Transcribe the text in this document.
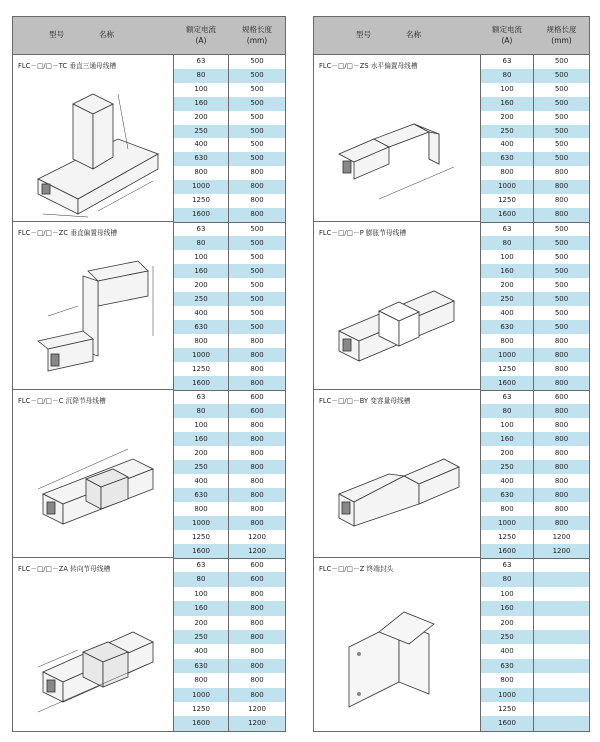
型号	名称
额定电流
(A)
规格长度
(mm)
FLC－□/□－TC 垂直三通母线槽
FLC－□/□－ZC 垂直偏置母线槽
FLC－□/□－C 沉降节母线槽
FLC－□/□－ZA 转向节母线槽
63	500
80	500
100	500
160	500
200	500
250	500
400	500
630	500
800	800
1000	800
1250	800
1600	800
63	500
80	500
100	500
160	500
200	500
250	500
400	500
630	500
800	800
1000	800
1250	800
1600	800
63	600
80	600
100	800
160	800
200	800
250	800
400	800
630	800
800	800
1000	800
1250	1200
1600	1200
63	600
80	600
100	800
160	800
200	800
250	800
400	800
630	800
800	800
1000	800
1250	1200
1600	1200
型号	名称
额定电流
(A)
规格长度
(mm)
FLC－□/□－ZS 水平偏置母线槽
FLC－□/□－P 膨胀节母线槽
FLC－□/□－BY 变容量母线槽
FLC－□/□－Z 终端封头
63	500
80	500
100	500
160	500
200	500
250	500
400	500
630	500
800	800
1000	800
1250	800
1600	800
63	500
80	500
100	500
160	500
200	500
250	500
400	500
630	500
800	800
1000	800
1250	800
1600	800
63	600
80	800
100	800
160	800
200	800
250	800
400	800
630	800
800	800
1000	800
1250	1200
1600	1200
63
80
100
160
200
250
400
630
800
1000
1250
1600
